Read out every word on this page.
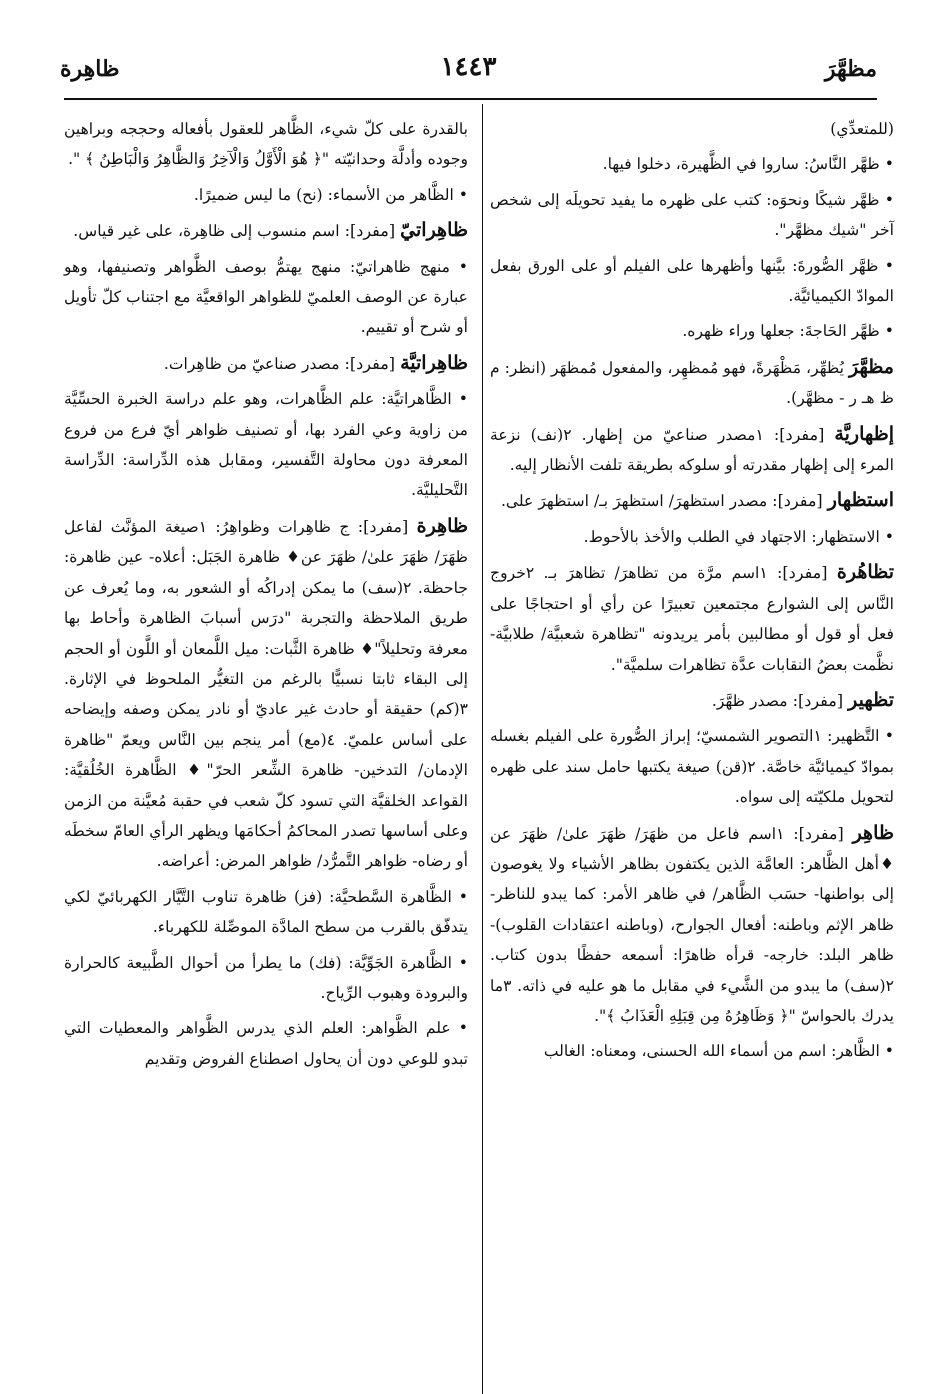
مظهَّرَ
١٤٤٣
ظاهِرة

(للمتعدِّي)

• ظهَّر النَّاسُ: ساروا في الظَّهيرة، دخلوا فيها.

• ظهَّر شيكًا ونحوَه: كتب على ظهره ما يفيد تحويلَه إلى شخص آخر "شيك مظهَّر".

• ظهَّر الصُّورةَ: بيَّنها وأظهرها على الفيلم أو على الورق بفعل الموادّ الكيميائيَّة.

• ظهَّر الحَاجةَ: جعلها وراء ظهره.

مظهَّرَ يُظهِّر، مَظْهَرةً، فهو مُمظهِر، والمفعول مُمظهَر (انظر: م ظ هـ ر - مظهَّر).

إظهاريَّة [مفرد]: ١مصدر صناعيّ من إظهار. ٢(نف) نزعة المرء إلى إظهار مقدرته أو سلوكه بطريقة تلفت الأنظار إليه.

استظهار [مفرد]: مصدر استظهرَ/ استظهرَ بـ/ استظهرَ على.

• الاستظهار: الاجتهاد في الطلب والأخذ بالأحوط.

تظاهُرة [مفرد]: ١اسم مرَّة من تظاهرَ/ تظاهرَ بـ. ٢خروج النَّاس إلى الشوارع مجتمعين تعبيرًا عن رأي أو احتجاجًا على فعل أو قول أو مطالبين بأمر يريدونه "تظاهرة شعبيَّة/ طلابيَّة- نظَّمت بعضُ النقابات عدَّة تظاهرات سلميَّة".

تظهير [مفرد]: مصدر ظهَّرَ.

• التَّظهير: ١التصوير الشمسيّ؛ إبراز الصُّورة على الفيلم بغسله بموادّ كيميائيَّة خاصَّة. ٢(قن) صيغة يكتبها حامل سند على ظهره لتحويل ملكيّته إلى سواه.

ظاهِر [مفرد]: ١اسم فاعل من ظهَرَ/ ظهَرَ علىٰ/ ظهَرَ عن ♦أهل الظَّاهر: العامَّة الذين يكتفون بظاهر الأشياء ولا يغوصون إلى بواطنها- حسَب الظَّاهر/ في ظاهر الأمر: كما يبدو للناظر- ظاهر الإثم وباطنه: أفعال الجوارح، (وباطنه اعتقادات القلوب)- ظاهر البلد: خارجه- قرأه ظاهرًا: أسمعه حفظًا بدون كتاب. ٢(سف) ما يبدو من الشَّيء في مقابل ما هو عليه في ذاته. ٣ما يدرك بالحواسّ "﴿ وَظَاهِرُهُ مِن قِبَلِهِ الْعَذَابُ ﴾".

• الظَّاهر: اسم من أسماء الله الحسنى، ومعناه: الغالب

بالقدرة على كلّ شيء، الظَّاهر للعقول بأفعاله وحججه وبراهين وجوده وأدلَّة وحدانيّته "﴿ هُوَ الْأَوَّلُ وَالْآخِرُ وَالظَّاهِرُ وَالْبَاطِنُ ﴾ ".

• الظَّاهر من الأسماء: (نح) ما ليس ضميرًا.

ظاهِراتيّ [مفرد]: اسم منسوب إلى ظاهِرة، على غير قياس.

• منهج ظاهراتيّ: منهج يهتمُّ بوصف الظَّواهر وتصنيفها، وهو عبارة عن الوصف العلميّ للظواهر الواقعيَّة مع اجتناب كلّ تأويل أو شرح أو تقييم.

ظاهِراتيَّة [مفرد]: مصدر صناعيّ من ظاهِرات.

• الظَّاهراتيَّة: علم الظَّاهرات، وهو علم دراسة الخبرة الحسِّيَّة من زاوية وعي الفرد بها، أو تصنيف ظواهر أيّ فرع من فروع المعرفة دون محاولة التَّفسير، ومقابل هذه الدِّراسة: الدِّراسة التَّحليليَّة.

ظاهِرة [مفرد]: ج ظاهِرات وظواهِرُ: ١صيغة المؤنَّث لفاعل ظهَرَ/ ظهَرَ علىٰ/ ظهَرَ عن♦ ظاهرة الجَبَل: أعلاه- عين ظاهرة: جاحظة. ٢(سف) ما يمكن إدراكُه أو الشعور به، وما يُعرف عن طريق الملاحظة والتجربة "درَس أسبابَ الظاهرة وأحاط بها معرفة وتحليلاً"♦ ظاهرة الثَّبات: ميل اللَّمعان أو اللَّون أو الحجم إلى البقاء ثابتا نسبيًّا بالرغم من التغيُّر الملحوظ في الإثارة. ٣(كم) حقيقة أو حادث غير عاديّ أو نادر يمكن وصفه وإيضاحه على أساس علميّ. ٤(مع) أمر ينجم بين النَّاس ويعمّ "ظاهرة الإدمان/ التدخين- ظاهرة الشِّعر الحرّ"♦ الظَّاهرة الخُلُقيَّة: القواعد الخلقيَّة التي تسود كلّ شعب في حقبة مُعيَّنة من الزمن وعلى أساسها تصدر المحاكمُ أحكامَها ويظهر الرأي العامّ سخطَه أو رضاه- ظواهر التَّمرُّد/ ظواهر المرض: أعراضه.

• الظَّاهرة السَّطحيَّة: (فز) ظاهرة تناوب التَّيَّار الكهربائيّ لكي يتدفّق بالقرب من سطح المادَّة الموصِّلة للكهرباء.

• الظَّاهرة الجَوِّيَّة: (فك) ما يطرأ من أحوال الطَّبيعة كالحرارة والبرودة وهبوب الرِّياح.

• علم الظَّواهر: العلم الذي يدرس الظَّواهر والمعطيات التي تبدو للوعي دون أن يحاول اصطناع الفروض وتقديم
